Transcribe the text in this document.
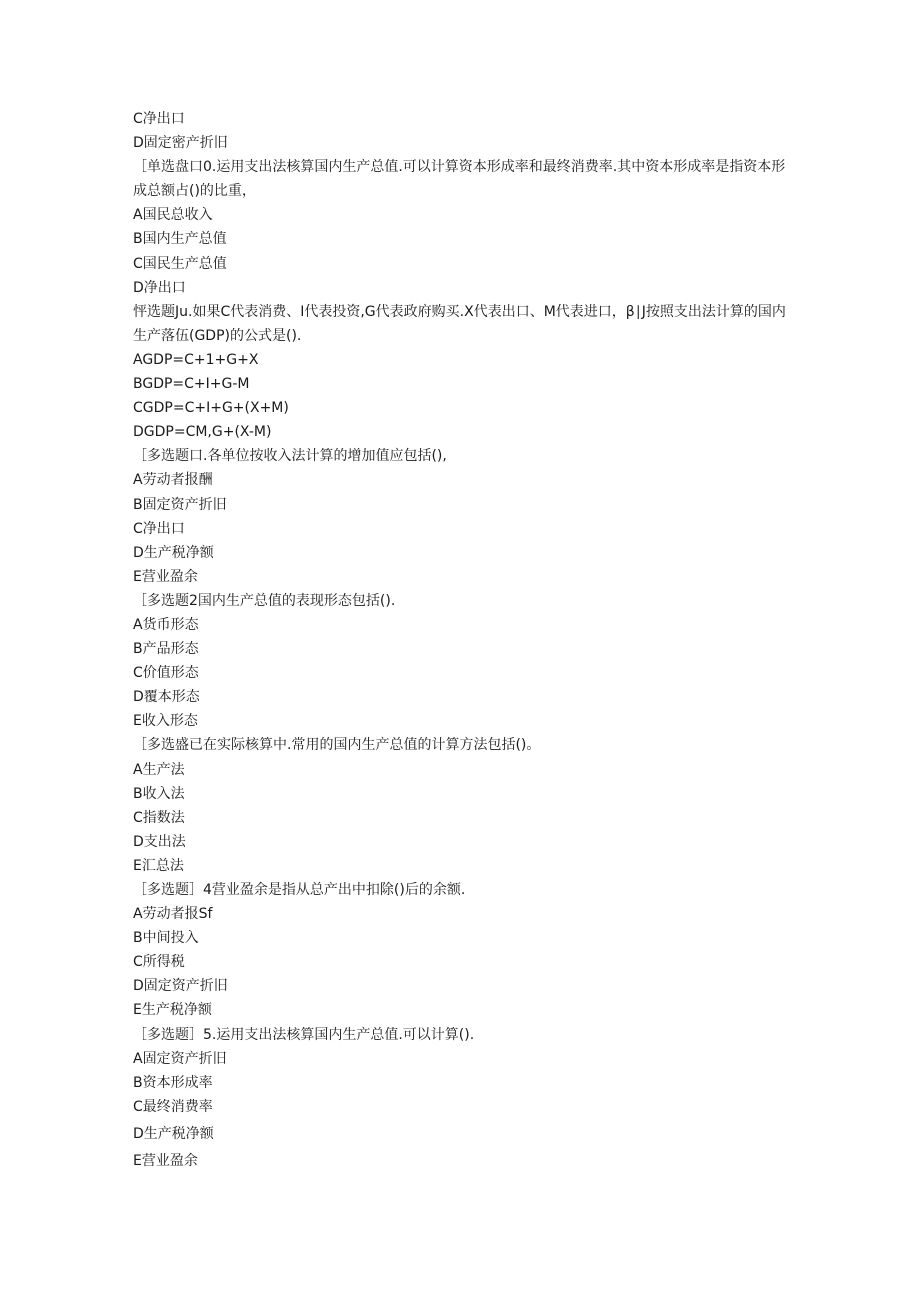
C净出口
D固定密产折旧
［单选盘口0.运用支出法核算国内生产总值.可以计算资本形成率和最终消费率.其中资本形成率是指资本形成总额占()的比重，
A国民总收入
B国内生产总值
C国民生产总值
D净出口
怦选题Ju.如果C代表消费、I代表投资,G代表政府购买.X代表出口、M代表进口，β∣J按照支出法计算的国内生产落伍(GDP)的公式是().
AGDP=C+1+G+X
BGDP=C+I+G-M
CGDP=C+I+G+(X+M)
DGDP=CM,G+(X-M)
［多选题口.各单位按收入法计算的增加值应包括(),
A劳动者报酬
B固定资产折旧
C净出口
D生产税净额
E营业盈余
［多选题2国内生产总值的表现形态包括().
A货币形态
B产品形态
C价值形态
D覆本形态
E收入形态
［多选盛已在实际核算中.常用的国内生产总值的计算方法包括()。
A生产法
B收入法
C指数法
D支出法
E汇总法
［多选题］4营业盈余是指从总产出中扣除()后的余额.
A劳动者报Sf
B中间投入
C所得税
D固定资产折旧
E生产税净额
［多选题］5.运用支出法核算国内生产总值.可以计算().
A固定资产折旧
B资本形成率
C最终消费率
D生产税净额
E营业盈余
